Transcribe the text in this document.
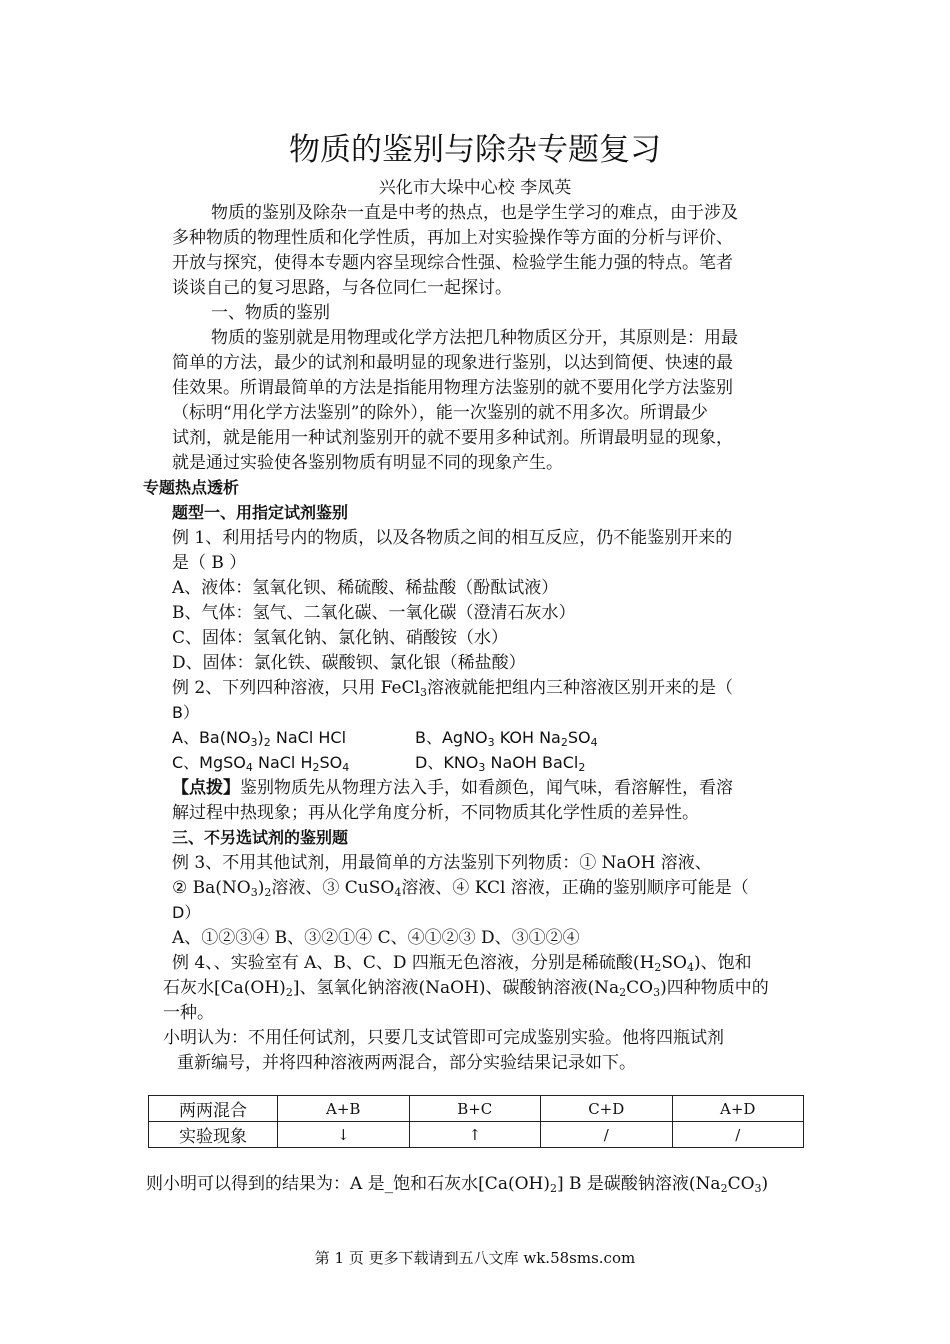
物质的鉴别与除杂专题复习
兴化市大垛中心校 李凤英
物质的鉴别及除杂一直是中考的热点，也是学生学习的难点，由于涉及
多种物质的物理性质和化学性质，再加上对实验操作等方面的分析与评价、
开放与探究，使得本专题内容呈现综合性强、检验学生能力强的特点。笔者
谈谈自己的复习思路，与各位同仁一起探讨。
一、物质的鉴别
物质的鉴别就是用物理或化学方法把几种物质区分开，其原则是：用最
简单的方法，最少的试剂和最明显的现象进行鉴别，以达到简便、快速的最
佳效果。所谓最简单的方法是指能用物理方法鉴别的就不要用化学方法鉴别
（标明“用化学方法鉴别”的除外），能一次鉴别的就不用多次。所谓最少
试剂，就是能用一种试剂鉴别开的就不要用多种试剂。所谓最明显的现象，
就是通过实验使各鉴别物质有明显不同的现象产生。
专题热点透析
题型一、用指定试剂鉴别
例 1、利用括号内的物质，以及各物质之间的相互反应，仍不能鉴别开来的
是（ B ）
A、液体：氢氧化钡、稀硫酸、稀盐酸（酚酞试液）
B、气体：氢气、二氧化碳、一氧化碳（澄清石灰水）
C、固体：氢氧化钠、氯化钠、硝酸铵（水）
D、固体：氯化铁、碳酸钡、氯化银（稀盐酸）
例 2、下列四种溶液，只用 FeCl$_3$溶液就能把组内三种溶液区别开来的是（
B）
A、$Ba(NO_3)_2$ NaCl HCl	B、AgNO$_3$ KOH $Na_2SO_4$
C、MgSO$_4$ NaCl $H_2SO_4$	D、$KNO_3$ NaOH BaCl$_2$
【点拨】鉴别物质先从物理方法入手，如看颜色，闻气味，看溶解性，看溶
解过程中热现象；再从化学角度分析，不同物质其化学性质的差异性。
三、不另选试剂的鉴别题
例 3、不用其他试剂，用最简单的方法鉴别下列物质：① NaOH 溶液、
② $Ba(NO_3)_2$溶液、③ CuSO$_4$溶液、④ KCl 溶液，正确的鉴别顺序可能是（
D）
A、①②③④ B、③②①④ C、④①②③ D、③①②④
例 4、、实验室有 A、B、C、D 四瓶无色溶液，分别是稀硫酸$(H_2SO_4)$、饱和
石灰水$[Ca(OH)_2]$、氢氧化钠溶液(NaOH)、碳酸钠溶液$(Na_2CO_3)$四种物质中的
一种。
小明认为：不用任何试剂，只要几支试管即可完成鉴别实验。他将四瓶试剂
重新编号，并将四种溶液两两混合，部分实验结果记录如下。
两两混合	A+B	B+C	C+D	A+D
实验现象	↓	↑	/	/
则小明可以得到的结果为：A 是_饱和石灰水$[Ca(OH)_2]$ B 是碳酸钠溶液$(Na_2CO_3)$
第 1 页 更多下载请到五八文库 wk.58sms.com
